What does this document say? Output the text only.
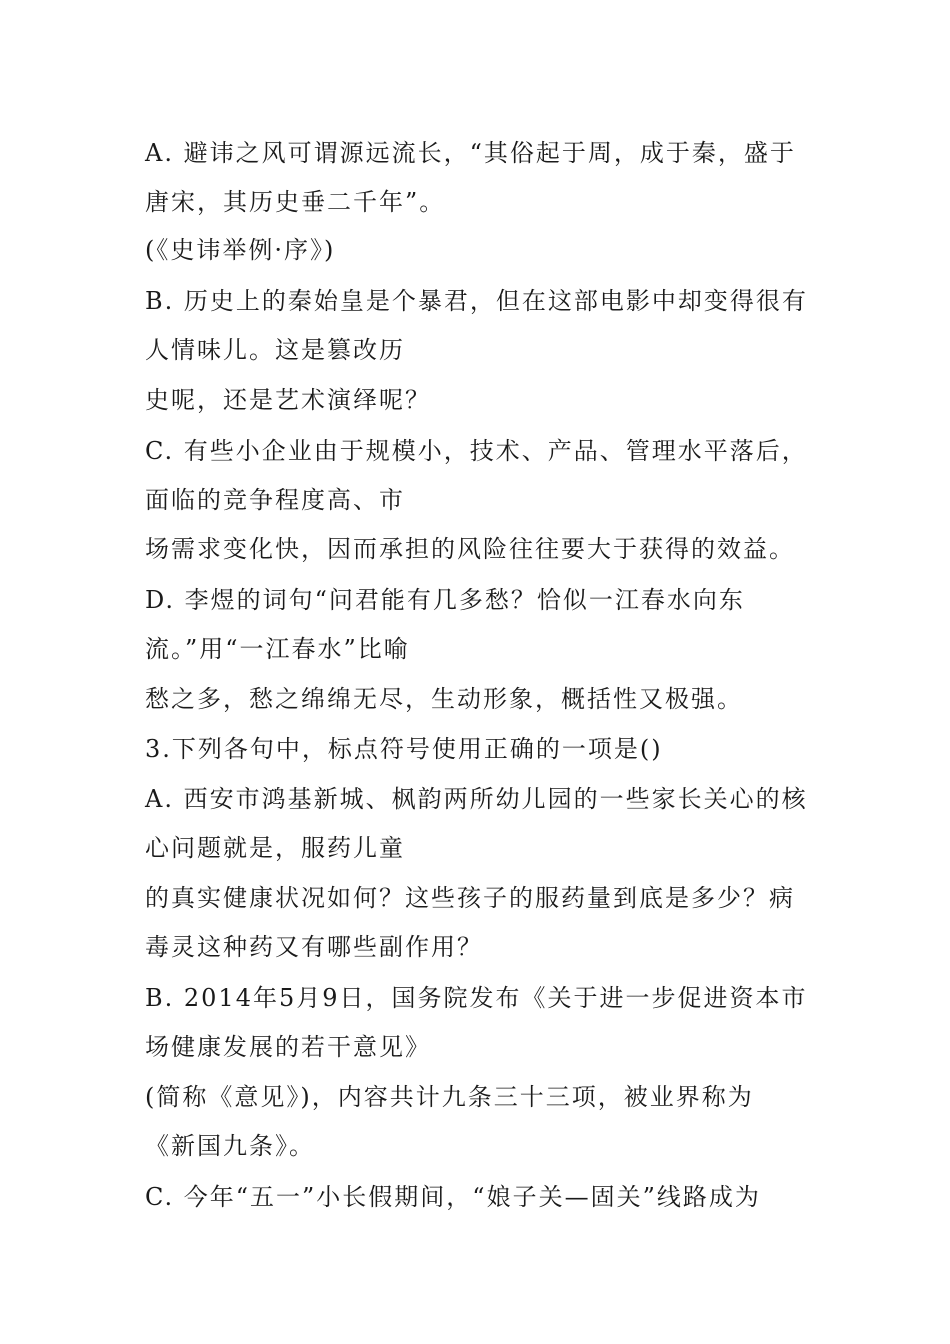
A. 避讳之风可谓源远流长，“其俗起于周，成于秦，盛于
唐宋，其历史垂二千年”。
(《史讳举例·序》)
B. 历史上的秦始皇是个暴君，但在这部电影中却变得很有
人情味儿。这是篡改历
史呢，还是艺术演绎呢？
C. 有些小企业由于规模小，技术、产品、管理水平落后，
面临的竞争程度高、市
场需求变化快，因而承担的风险往往要大于获得的效益。
D. 李煜的词句“问君能有几多愁？恰似一江春水向东
流。”用“一江春水”比喻
愁之多，愁之绵绵无尽，生动形象，概括性又极强。
3.下列各句中，标点符号使用正确的一项是()
A. 西安市鸿基新城、枫韵两所幼儿园的一些家长关心的核
心问题就是，服药儿童
的真实健康状况如何？这些孩子的服药量到底是多少？病
毒灵这种药又有哪些副作用？
B. 2014年5月9日，国务院发布《关于进一步促进资本市
场健康发展的若干意见》
(简称《意见》)，内容共计九条三十三项，被业界称为
《新国九条》。
C. 今年“五一”小长假期间，“娘子关—固关”线路成为
